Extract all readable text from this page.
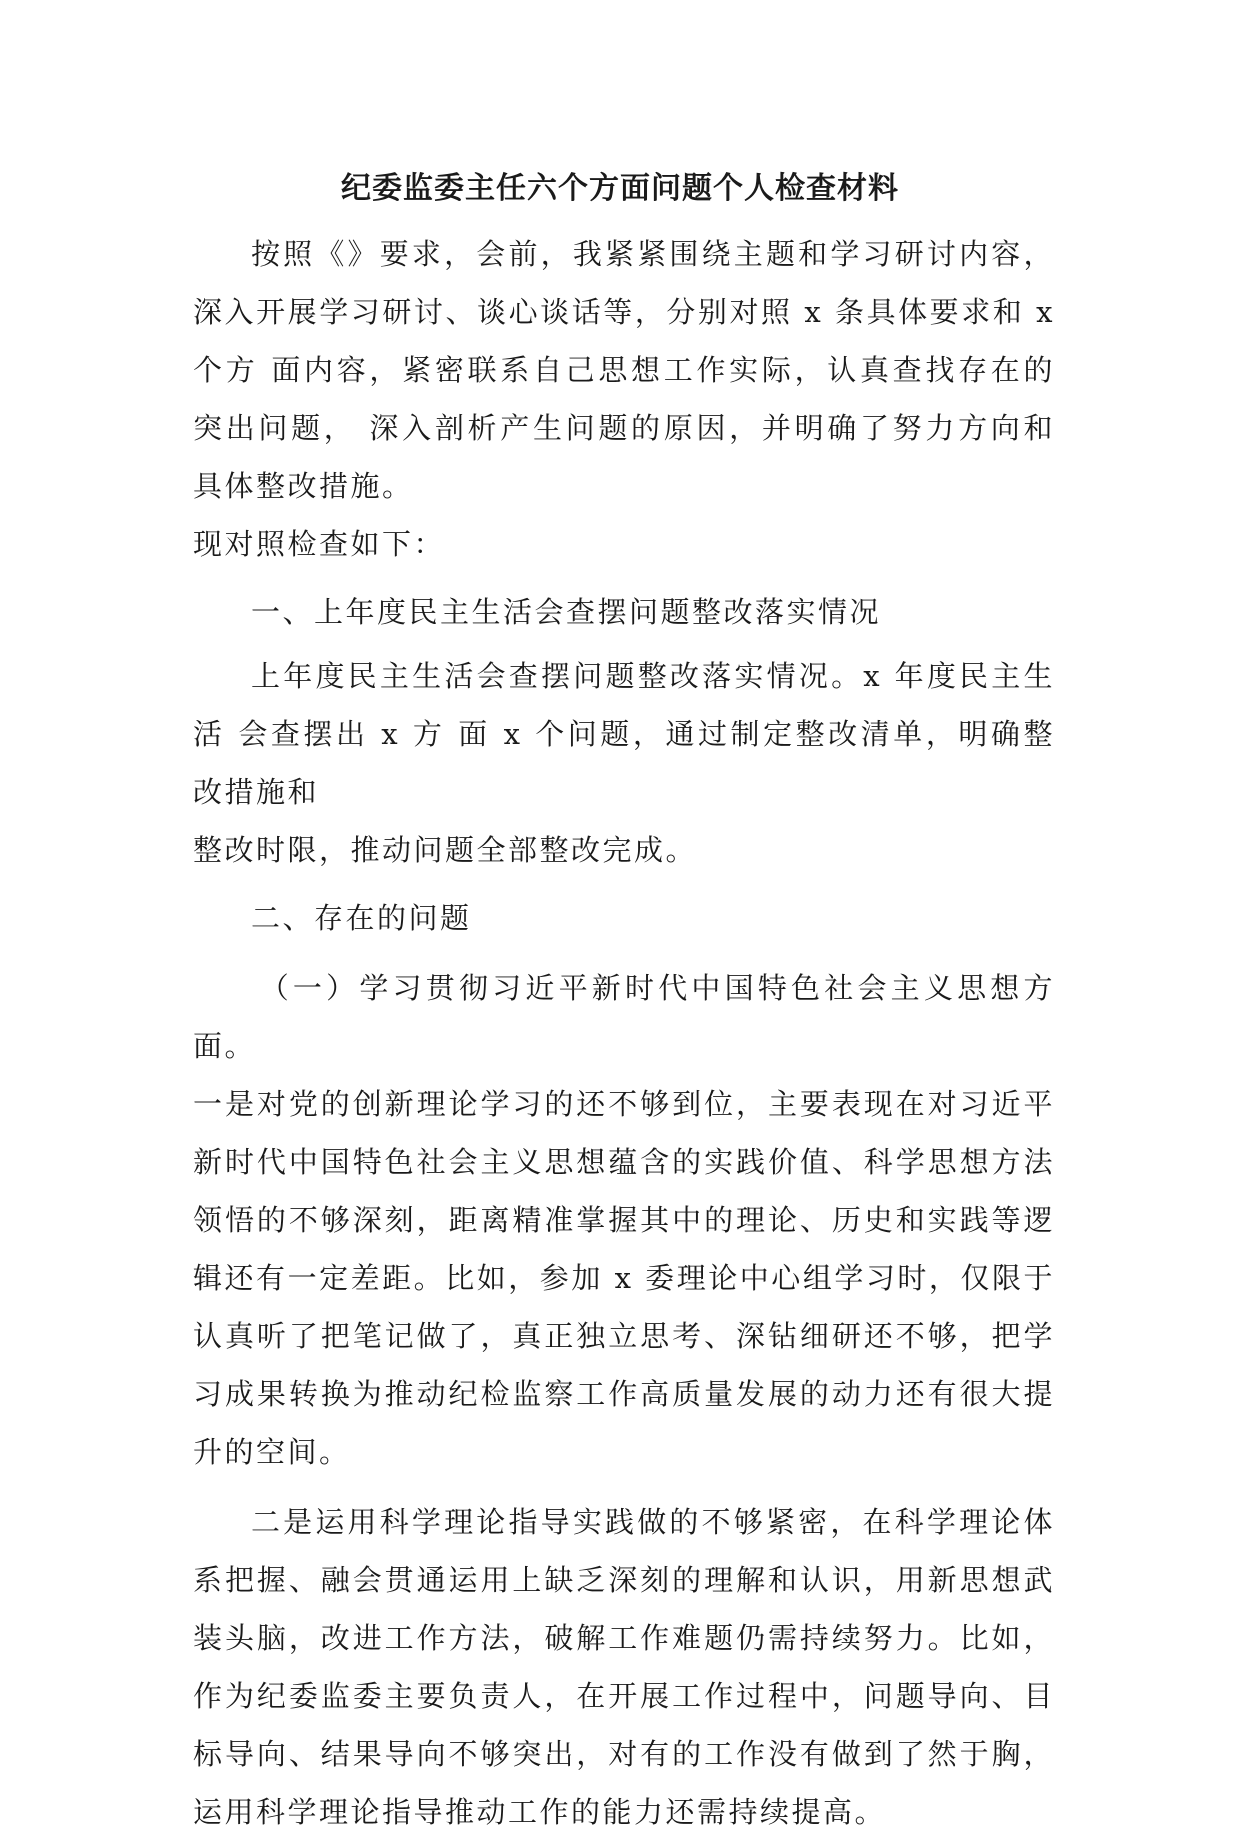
纪委监委主任六个方面问题个人检查材料

按照《》要求，会前，我紧紧围绕主题和学习研讨内容，深入开展学习研讨、谈心谈话等，分别对照 x 条具体要求和 x 个方 面内容，紧密联系自己思想工作实际，认真查找存在的突出问题， 深入剖析产生问题的原因，并明确了努力方向和具体整改措施。

现对照检查如下：

一、上年度民主生活会查摆问题整改落实情况

上年度民主生活会查摆问题整改落实情况。x 年度民主生活 会查摆出 x 方 面 x 个问题，通过制定整改清单，明确整改措施和

整改时限，推动问题全部整改完成。

二、存在的问题

（一）学习贯彻习近平新时代中国特色社会主义思想方面。

一是对党的创新理论学习的还不够到位，主要表现在对习近平新时代中国特色社会主义思想蕴含的实践价值、科学思想方法领悟的不够深刻，距离精准掌握其中的理论、历史和实践等逻辑还有一定差距。比如，参加 x 委理论中心组学习时，仅限于认真听了把笔记做了，真正独立思考、深钻细研还不够，把学习成果转换为推动纪检监察工作高质量发展的动力还有很大提升的空间。

二是运用科学理论指导实践做的不够紧密，在科学理论体系把握、融会贯通运用上缺乏深刻的理解和认识，用新思想武装头脑，改进工作方法，破解工作难题仍需持续努力。比如，作为纪委监委主要负责人，在开展工作过程中，问题导向、目标导向、结果导向不够突出，对有的工作没有做到了然于胸，运用科学理论指导推动工作的能力还需持续提高。
